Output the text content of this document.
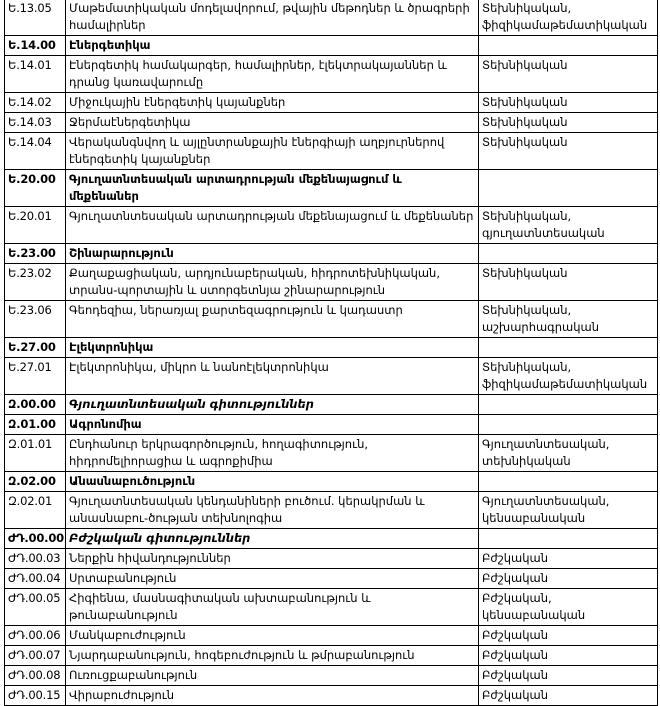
Ե.13.05	Մաթեմատիկական մոդելավորում, թվային մեթոդներ և ծրագրերի համալիրներ	Տեխնիկական, ֆիզիկամաթեմատիկական
Ե.14.00	Էներգետիկա	
Ե.14.01	Էներգետիկ համակարգեր, համալիրներ, էլեկտրակայաններ և դրանց կառավարումը	Տեխնիկական
Ե.14.02	Միջուկային էներգետիկ կայանքներ	Տեխնիկական
Ե.14.03	Ջերմաէներգետիկա	Տեխնիկական
Ե.14.04	Վերականգնվող և այլընտրանքային էներգիայի աղբյուրներով էներգետիկ կայանքներ	Տեխնիկական
Ե.20.00	Գյուղատնտեսական արտադրության մեքենայացում և մեքենաներ	
Ե.20.01	Գյուղատնտեսական արտադրության մեքենայացում և մեքենաներ	Տեխնիկական, գյուղատնտեսական
Ե.23.00	Շինարարություն	
Ե.23.02	Քաղաքացիական, արդյունաբերական, հիդրոտեխնիկական, տրանս-պորտային և ստորգետնյա շինարարություն	Տեխնիկական
Ե.23.06	Գեոդեզիա, ներառյալ քարտեզագրություն և կադաստր	Տեխնիկական, աշխարհագրական
Ե.27.00	Էլեկտրոնիկա	
Ե.27.01	Էլեկտրոնիկա, միկրո և նանոէլեկտրոնիկա	Տեխնիկական, ֆիզիկամաթեմատիկական
Զ.00.00	Գյուղատնտեսական գիտություններ	
Զ.01.00	Ագրոնոմիա	
Զ.01.01	Ընդհանուր երկրագործություն, հողագիտություն, հիդրոմելիորացիա և ագրոքիմիա	Գյուղատնտեսական, տեխնիկական
Զ.02.00	Անասնաբուծություն	
Զ.02.01	Գյուղատնտեսական կենդանիների բուծում. կերակրման և անասնաբու-ծության տեխնոլոգիա	Գյուղատնտեսական, կենսաբանական
ԺԴ.00.00	Բժշկական գիտություններ	
ԺԴ.00.03	Ներքին հիվանդություններ	Բժշկական
ԺԴ.00.04	Սրտաբանություն	Բժշկական
ԺԴ.00.05	Հիգիենա, մասնագիտական ախտաբանություն և թունաբանություն	Բժշկական, կենսաբանական
ԺԴ.00.06	Մանկաբուժություն	Բժշկական
ԺԴ.00.07	Նյարդաբանություն, հոգեբուժություն և թմրաբանություն	Բժշկական
ԺԴ.00.08	Ուռուցքաբանություն	Բժշկական
ԺԴ.00.15	Վիրաբուժություն	Բժշկական
